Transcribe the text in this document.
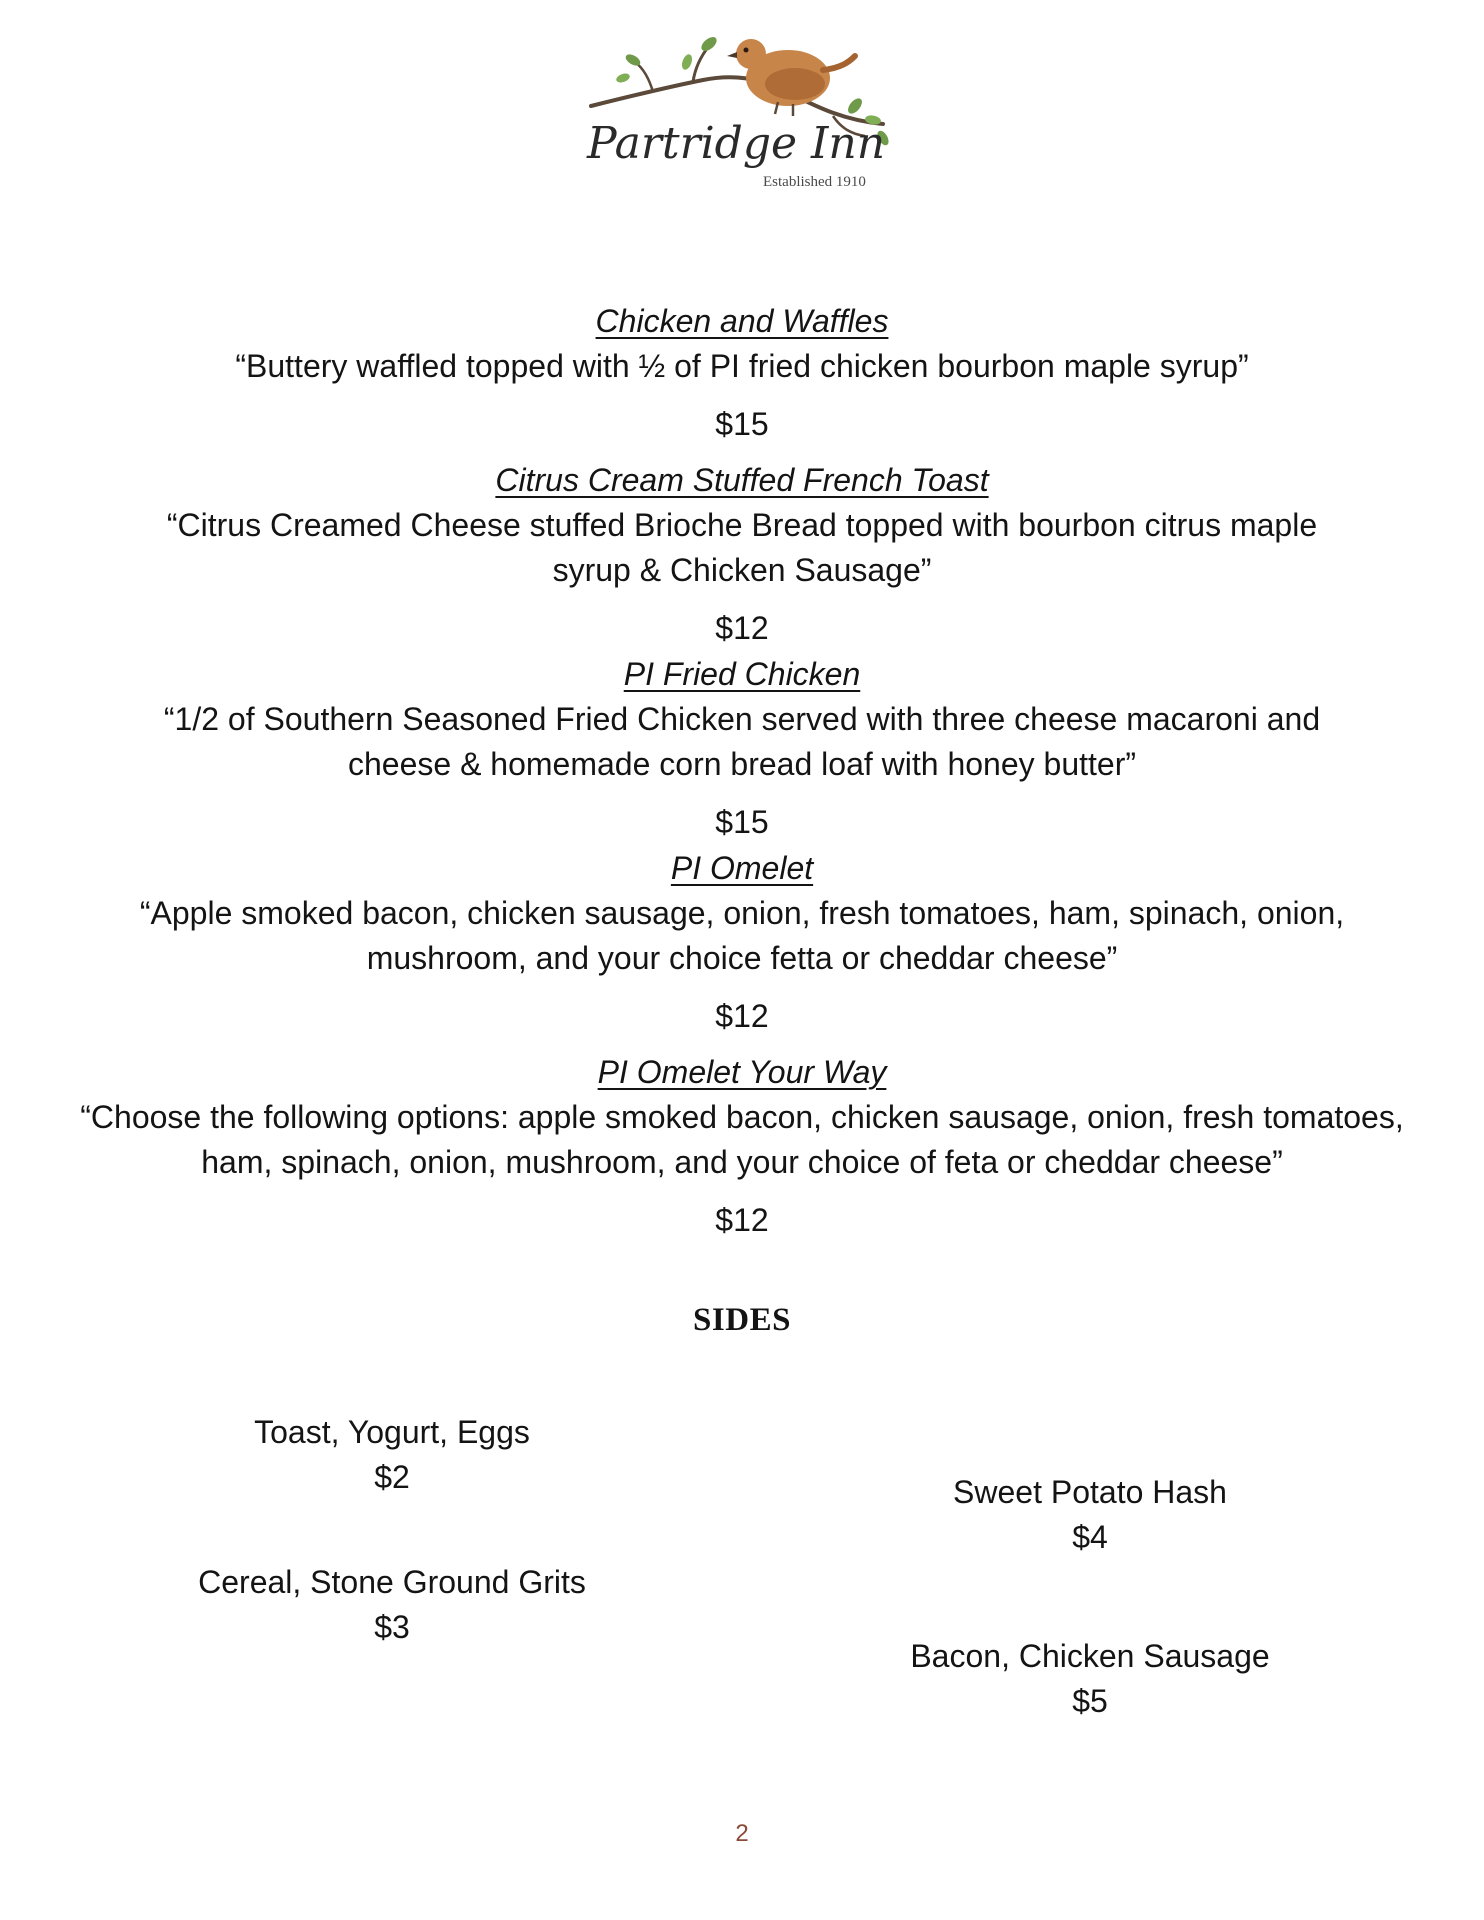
Partridge Inn
Established 1910
Chicken and Waffles
“Buttery waffled topped with ½ of PI fried chicken bourbon maple syrup”
$15
Citrus Cream Stuffed French Toast
“Citrus Creamed Cheese stuffed Brioche Bread topped with bourbon citrus maple syrup & Chicken Sausage”
$12
PI Fried Chicken
“1/2 of Southern Seasoned Fried Chicken served with three cheese macaroni and cheese & homemade corn bread loaf with honey butter”
$15
PI Omelet
“Apple smoked bacon, chicken sausage, onion, fresh tomatoes, ham, spinach, onion, mushroom, and your choice fetta or cheddar cheese”
$12
PI Omelet Your Way
“Choose the following options: apple smoked bacon, chicken sausage, onion, fresh tomatoes, ham, spinach, onion, mushroom, and your choice of feta or cheddar cheese”
$12
SIDES
Toast, Yogurt, Eggs
$2
Cereal, Stone Ground Grits
$3
Sweet Potato Hash
$4
Bacon, Chicken Sausage
$5
2
